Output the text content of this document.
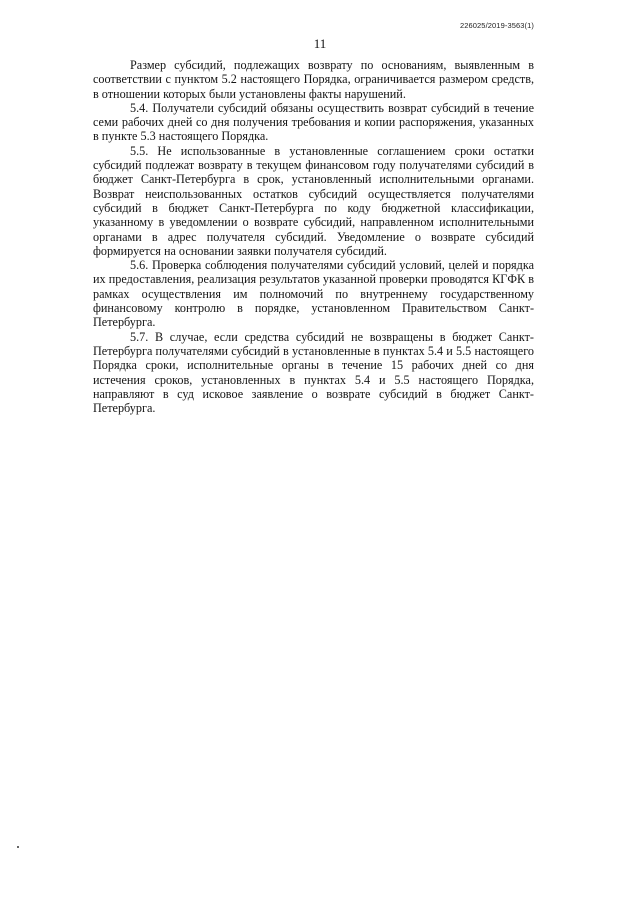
226025/2019-3563(1)
11

Размер субсидий, подлежащих возврату по основаниям, выявленным в соответствии с пунктом 5.2 настоящего Порядка, ограничивается размером средств, в отношении которых были установлены факты нарушений.

5.4. Получатели субсидий обязаны осуществить возврат субсидий в течение семи рабочих дней со дня получения требования и копии распоряжения, указанных в пункте 5.3 настоящего Порядка.

5.5. Не использованные в установленные соглашением сроки остатки субсидий подлежат возврату в текущем финансовом году получателями субсидий в бюджет Санкт-Петербурга в срок, установленный исполнительными органами. Возврат неиспользованных остатков субсидий осуществляется получателями субсидий в бюджет Санкт-Петербурга по коду бюджетной классификации, указанному в уведомлении о возврате субсидий, направленном исполнительными органами в адрес получателя субсидий. Уведомление о возврате субсидий формируется на основании заявки получателя субсидий.

5.6. Проверка соблюдения получателями субсидий условий, целей и порядка их предоставления, реализация результатов указанной проверки проводятся КГФК в рамках осуществления им полномочий по внутреннему государственному финансовому контролю в порядке, установленном Правительством Санкт-Петербурга.

5.7. В случае, если средства субсидий не возвращены в бюджет Санкт-Петербурга получателями субсидий в установленные в пунктах 5.4 и 5.5 настоящего Порядка сроки, исполнительные органы в течение 15 рабочих дней со дня истечения сроков, установленных в пунктах 5.4 и 5.5 настоящего Порядка, направляют в суд исковое заявление о возврате субсидий в бюджет Санкт-Петербурга.
